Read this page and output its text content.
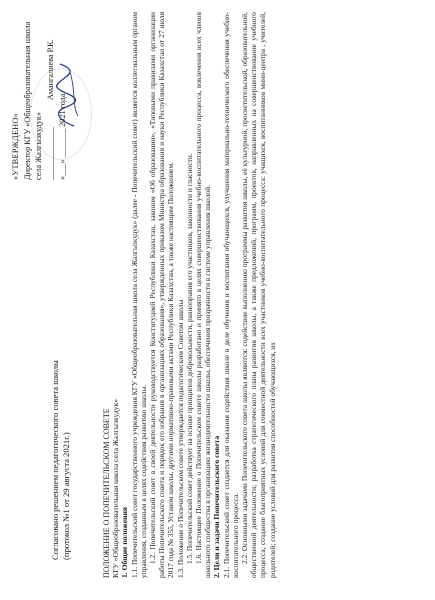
Согласовано решением педагогического совета школы (протокол №1 от 29 августа 2021г.)
«УТВЕРЖДЕНО» Директор КГУ «Общеобразовательная школа села Жалгызкудук» _____________
Амангалиева Р.К.
«___» _______ 2021 года

ПОЛОЖЕНИЕ О ПОПЕЧИТЕЛЬСКОМ СОВЕТЕ КГУ «Общеобразовательная школа села Жалгызкудук» 1. Общие положения 1.1. Попечительский совет государственного учреждения КГУ «Общеобразовательная школа села Жалгызкудук» (далее - Попечительский совет) является коллегиальным органом управления, созданным в целях содействия развитию школы. 1.2. Попечительский совет в своей деятельности руководствуется Конституцией Республики Казахстан, законом «Об образовании», «Типовыми правилами организации работы Попечительского совета и порядок его избрания в организациях образования», утвержденных приказом Министра образования и науки Республики Казахстан от 27 июля 2017 года № 355, Уставом школы, другими нормативно-правовыми актами Республики Казахстан, а также настоящим Положением. 1.3. Положение о Попечительском совете утверждается педагогическим Советом школы 1.5. Попечительский совет действует на основе принципов добровольности, равноправия его участников, законности и гласности. 1.6. Настоящее Положение о Попечительском совете школы разработано и принято в целях совершенствования учебно-воспитательного процесса, вовлечения всех членов школьного сообщества в организацию жизнедеятельности школы, обеспечения прозрачности в системе управления школой. 2. Цели и задачи Попечительского совета 2.1. Попечительский совет создается для оказания содействия школе в деле обучения и воспитания обучающихся, улучшения материально-технического обеспечения учебно-воспитательного процесса. 2.2. Основными задачами Попечительского совета школы являются: содействие выполнению программы развития школы, её культурной, просветительской, образовательной, общественной деятельности; разработка стратегического плана развития школы, а также предложений, программ, проектов, направленных на совершенствование учебного процесса; создание благоприятных условий для совместной деятельности всех участников учебно-воспитательного процесса: учащихся, воспитанников мини-центра , учителей, родителей; создание условий для развития способностей обучающихся, их
